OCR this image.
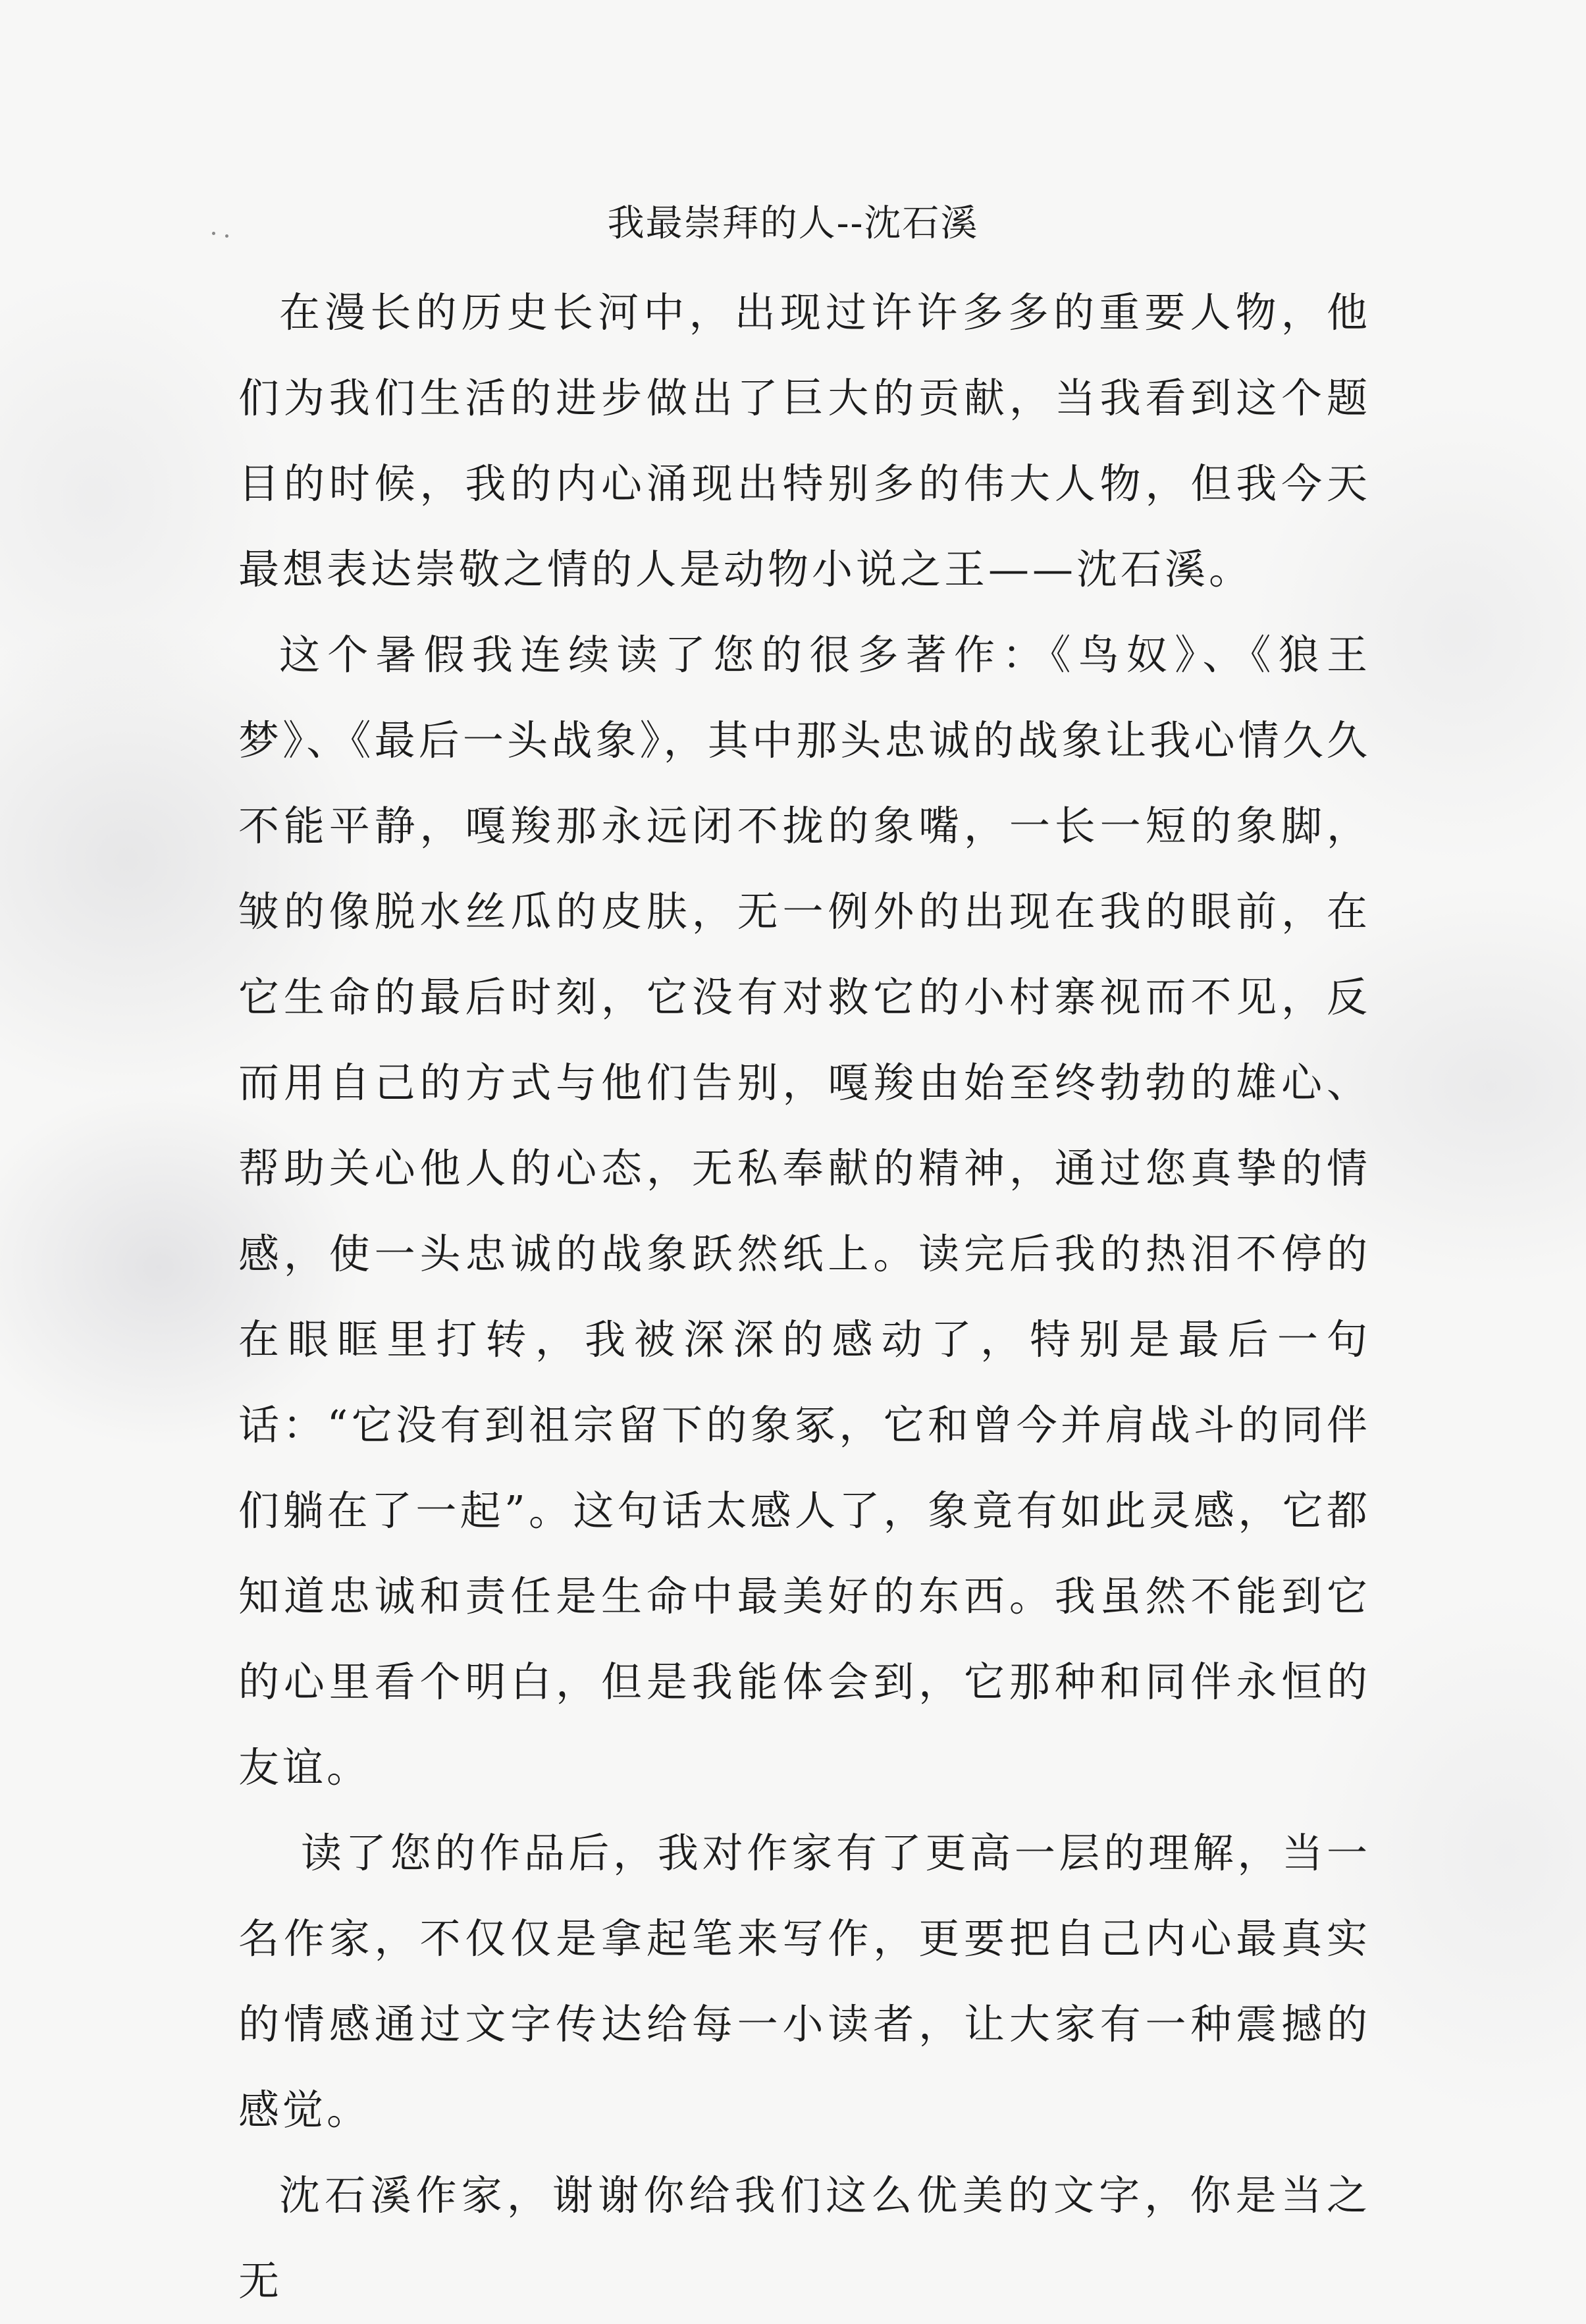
我最崇拜的人--沈石溪

在漫长的历史长河中，出现过许许多多的重要人物，他们为我们生活的进步做出了巨大的贡献，当我看到这个题目的时候，我的内心涌现出特别多的伟大人物，但我今天最想表达崇敬之情的人是动物小说之王——沈石溪。

这个暑假我连续读了您的很多著作：《鸟奴》、《狼王梦》、《最后一头战象》，其中那头忠诚的战象让我心情久久不能平静，嘎羧那永远闭不拢的象嘴，一长一短的象脚，皱的像脱水丝瓜的皮肤，无一例外的出现在我的眼前，在它生命的最后时刻，它没有对救它的小村寨视而不见，反而用自己的方式与他们告别，嘎羧由始至终勃勃的雄心、帮助关心他人的心态，无私奉献的精神，通过您真挚的情感，使一头忠诚的战象跃然纸上。读完后我的热泪不停的在眼眶里打转，我被深深的感动了，特别是最后一句话：“它没有到祖宗留下的象冢，它和曾今并肩战斗的同伴们躺在了一起”。这句话太感人了，象竟有如此灵感，它都知道忠诚和责任是生命中最美好的东西。我虽然不能到它的心里看个明白，但是我能体会到，它那种和同伴永恒的友谊。

读了您的作品后，我对作家有了更高一层的理解，当一名作家，不仅仅是拿起笔来写作，更要把自己内心最真实的情感通过文字传达给每一小读者，让大家有一种震撼的感觉。

沈石溪作家，谢谢你给我们这么优美的文字，你是当之无
